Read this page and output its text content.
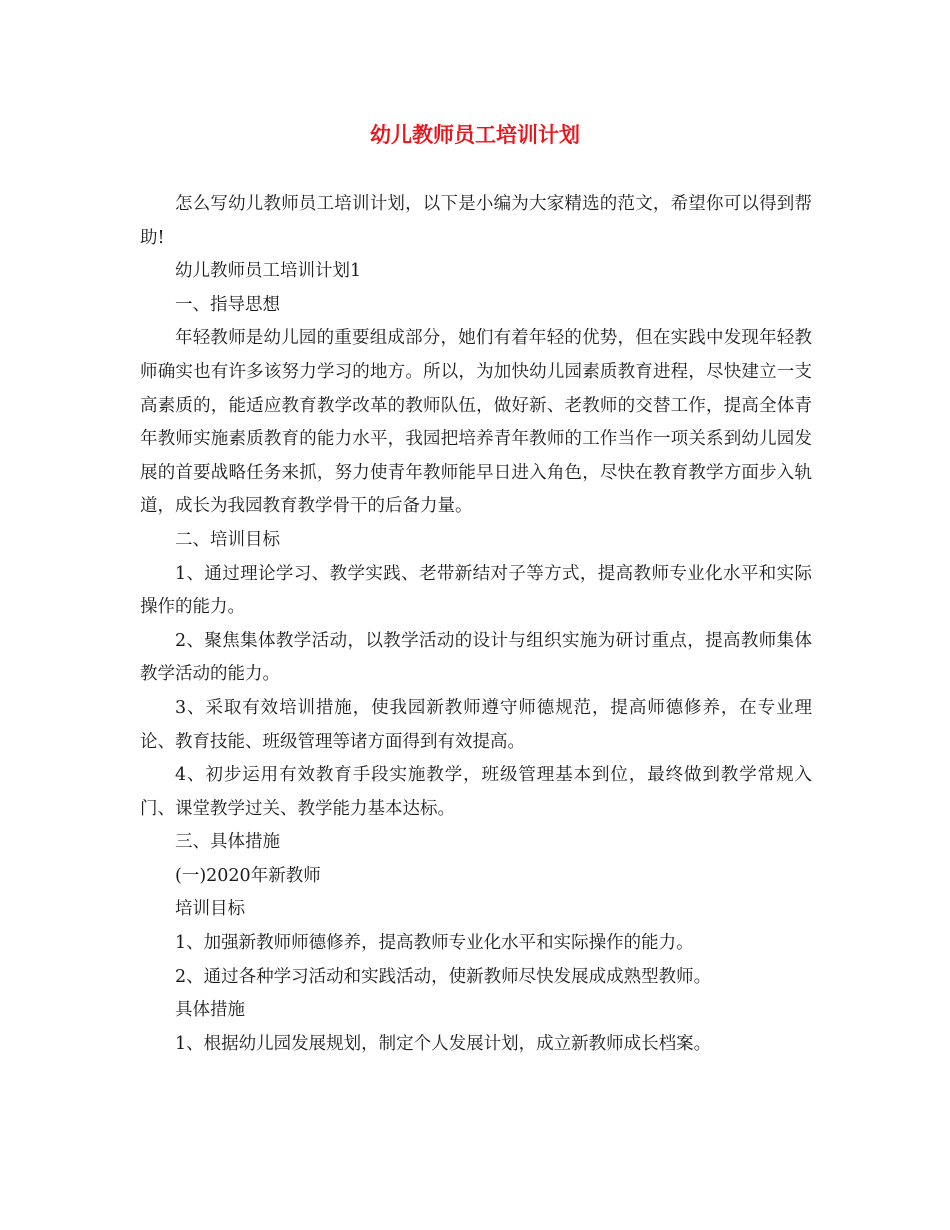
幼儿教师员工培训计划

怎么写幼儿教师员工培训计划，以下是小编为大家精选的范文，希望你可以得到帮助!

幼儿教师员工培训计划1

一、指导思想

年轻教师是幼儿园的重要组成部分，她们有着年轻的优势，但在实践中发现年轻教师确实也有许多该努力学习的地方。所以，为加快幼儿园素质教育进程，尽快建立一支高素质的，能适应教育教学改革的教师队伍，做好新、老教师的交替工作，提高全体青年教师实施素质教育的能力水平，我园把培养青年教师的工作当作一项关系到幼儿园发展的首要战略任务来抓，努力使青年教师能早日进入角色，尽快在教育教学方面步入轨道，成长为我园教育教学骨干的后备力量。

二、培训目标

1、通过理论学习、教学实践、老带新结对子等方式，提高教师专业化水平和实际操作的能力。

2、聚焦集体教学活动，以教学活动的设计与组织实施为研讨重点，提高教师集体教学活动的能力。

3、采取有效培训措施，使我园新教师遵守师德规范，提高师德修养，在专业理论、教育技能、班级管理等诸方面得到有效提高。

4、初步运用有效教育手段实施教学，班级管理基本到位，最终做到教学常规入门、课堂教学过关、教学能力基本达标。

三、具体措施

(一)2020年新教师

培训目标

1、加强新教师师德修养，提高教师专业化水平和实际操作的能力。

2、通过各种学习活动和实践活动，使新教师尽快发展成成熟型教师。

具体措施

1、根据幼儿园发展规划，制定个人发展计划，成立新教师成长档案。
